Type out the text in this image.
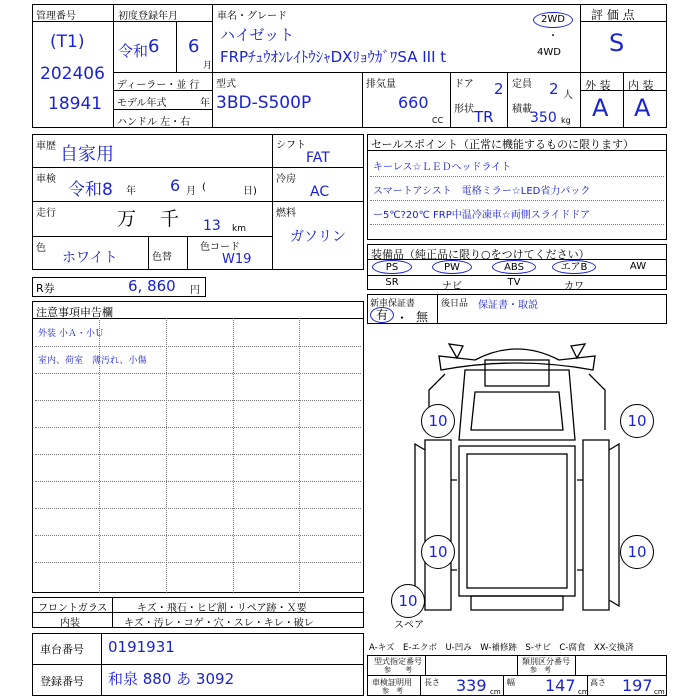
管理番号
(T1)
202406
18941
初度登録年月
令和 6 6
月
車名・グレード
ハイゼット
FRPﾁｭｳｵﾝﾚｲﾄｳｼｬDXﾘｮｳｶﾞﾜSA III t
2WD
・
4WD
評 価 点
S
外 装 内 装
A A
ディーラー・並 行
モデル年式	年
ハンドル 左・右
型式
3BD-S500P
排気量
660
CC
ドア 2
形状 TR
定員 2 人
積載
350 kg
車歴 自家用
車検
令和8 年 6 月 (	日)
走行	万 千 13 km
シフト
FAT
冷房
AC
燃料
ガソリン
色
ホワイト	色替
色コード
W19
R券	6, 860 円
セールスポイント（正常に機能するものに限ります）
キーレス☆ＬＥＤヘッドライト
スマートアシスト　電格ミラー☆LED省力パック
ー5℃?20℃ FRP中温冷凍車☆両側スライドドア
装備品（純正品に限り○をつけてください）
PS	PW	ABS	エアB	AW
SR	ナビ	TV	カワ
新車保証書
有 ・ 無
後日品 保証書・取説
注意事項申告欄
外装 小Ａ・小Ｕ
室内、荷室　薄汚れ、小傷
10	10
10	10
10
スペア
フロントガラス	キズ・飛石・ヒビ割・リペア跡・Ｘ要
内装	キズ・汚レ・コゲ・穴・スレ・キレ・破レ
車台番号 0191931
登録番号 和泉 880 あ 3092
A-キズ　E-エクボ　U-凹み　W-補修跡　S-サビ　C-腐食　XX-交換済
型式指定番号
参　　考
類別区分番号
参　考
車検証明用
参　考
長さ 339 cm
幅 147 cm
高さ 197 cm
